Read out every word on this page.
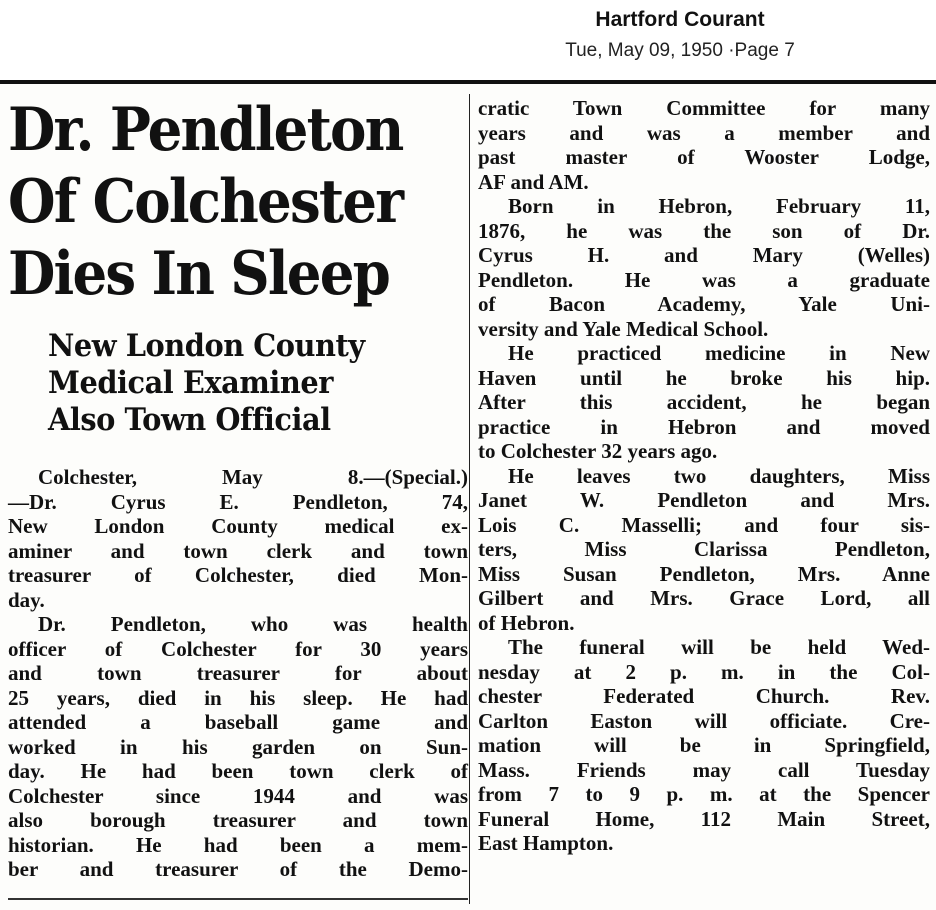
Hartford Courant
Tue, May 09, 1950 ·Page 7
Dr. Pendleton
Of Colchester
Dies In Sleep
New London County
Medical Examiner
Also Town Official
Colchester, May 8.—(Special.)
—Dr. Cyrus E. Pendleton, 74,
New London County medical ex-
aminer and town clerk and town
treasurer of Colchester, died Mon-
day.
Dr. Pendleton, who was health
officer of Colchester for 30 years
and town treasurer for about
25 years, died in his sleep. He had
attended a baseball game and
worked in his garden on Sun-
day. He had been town clerk of
Colchester since 1944 and was
also borough treasurer and town
historian. He had been a mem-
ber and treasurer of the Demo-
cratic Town Committee for many
years and was a member and
past master of Wooster Lodge,
AF and AM.
Born in Hebron, February 11,
1876, he was the son of Dr.
Cyrus H. and Mary (Welles)
Pendleton. He was a graduate
of Bacon Academy, Yale Uni-
versity and Yale Medical School.
He practiced medicine in New
Haven until he broke his hip.
After this accident, he began
practice in Hebron and moved
to Colchester 32 years ago.
He leaves two daughters, Miss
Janet W. Pendleton and Mrs.
Lois C. Masselli; and four sis-
ters, Miss Clarissa Pendleton,
Miss Susan Pendleton, Mrs. Anne
Gilbert and Mrs. Grace Lord, all
of Hebron.
The funeral will be held Wed-
nesday at 2 p. m. in the Col-
chester Federated Church. Rev.
Carlton Easton will officiate. Cre-
mation will be in Springfield,
Mass. Friends may call Tuesday
from 7 to 9 p. m. at the Spencer
Funeral Home, 112 Main Street,
East Hampton.
